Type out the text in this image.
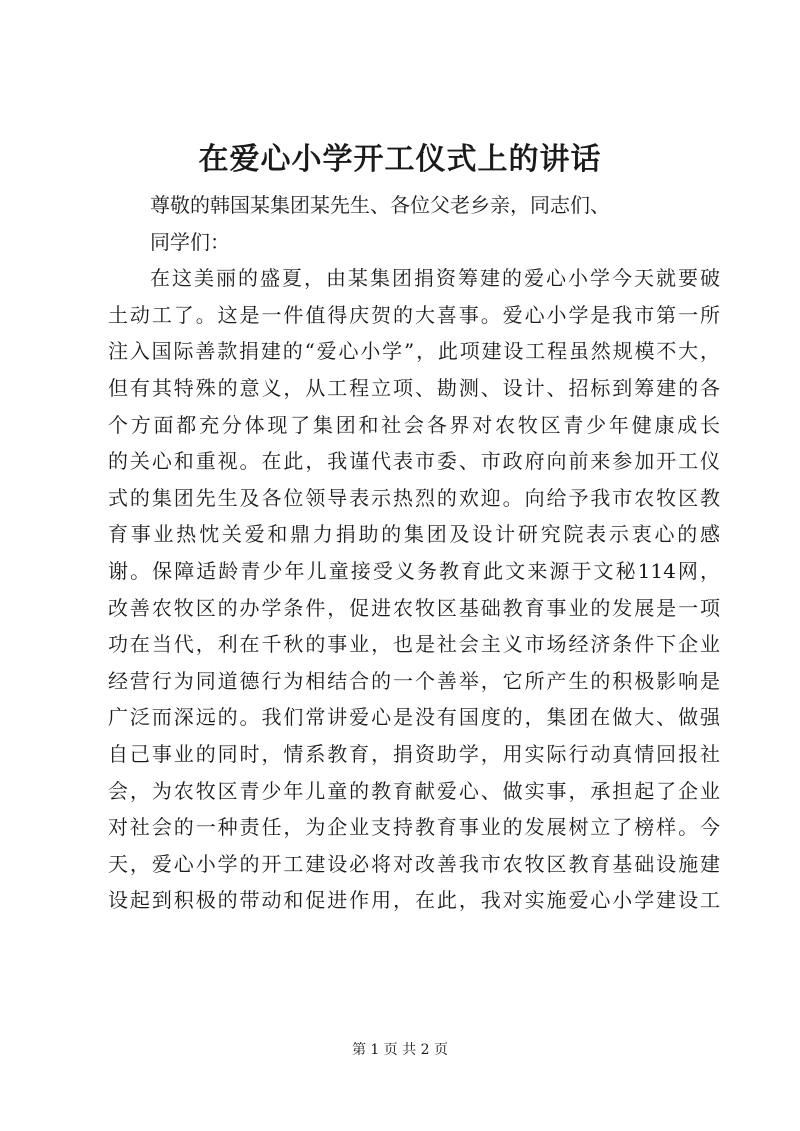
在爱心小学开工仪式上的讲话
尊敬的韩国某集团某先生、各位父老乡亲，同志们、
同学们：
在这美丽的盛夏，由某集团捐资筹建的爱心小学今天就要破
土动工了。这是一件值得庆贺的大喜事。爱心小学是我市第一所
注入国际善款捐建的“爱心小学”，此项建设工程虽然规模不大，
但有其特殊的意义，从工程立项、勘测、设计、招标到筹建的各
个方面都充分体现了集团和社会各界对农牧区青少年健康成长
的关心和重视。在此，我谨代表市委、市政府向前来参加开工仪
式的集团先生及各位领导表示热烈的欢迎。向给予我市农牧区教
育事业热忱关爱和鼎力捐助的集团及设计研究院表示衷心的感
谢。保障适龄青少年儿童接受义务教育此文来源于文秘114网，
改善农牧区的办学条件，促进农牧区基础教育事业的发展是一项
功在当代，利在千秋的事业，也是社会主义市场经济条件下企业
经营行为同道德行为相结合的一个善举，它所产生的积极影响是
广泛而深远的。我们常讲爱心是没有国度的，集团在做大、做强
自己事业的同时，情系教育，捐资助学，用实际行动真情回报社
会，为农牧区青少年儿童的教育献爱心、做实事，承担起了企业
对社会的一种责任，为企业支持教育事业的发展树立了榜样。今
天，爱心小学的开工建设必将对改善我市农牧区教育基础设施建
设起到积极的带动和促进作用，在此，我对实施爱心小学建设工
第 1 页 共 2 页
